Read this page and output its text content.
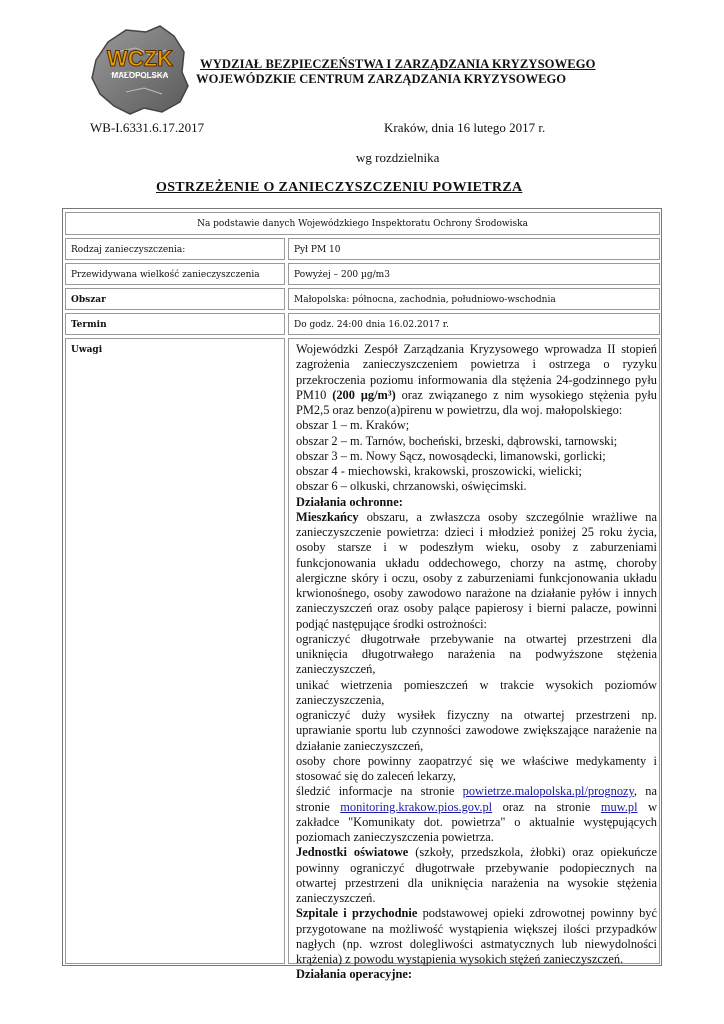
WCZK
MAŁOPOLSKA
WYDZIAŁ BEZPIECZEŃSTWA I ZARZĄDZANIA KRYZYSOWEGO
WOJEWÓDZKIE CENTRUM ZARZĄDZANIA KRYZYSOWEGO
WB-I.6331.6.17.2017	Kraków, dnia 16 lutego 2017 r.
wg rozdzielnika
OSTRZEŻENIE O ZANIECZYSZCZENIU POWIETRZA
Na podstawie danych Wojewódzkiego Inspektoratu Ochrony Środowiska
Rodzaj zanieczyszczenia:	Pył PM 10
Przewidywana wielkość zanieczyszczenia	Powyżej – 200 µg/m3
Obszar	Małopolska: północna, zachodnia, południowo-wschodnia
Termin	Do godz. 24:00 dnia 16.02.2017 r.
Uwagi	Wojewódzki Zespół Zarządzania Kryzysowego wprowadza II stopień zagrożenia zanieczyszczeniem powietrza i ostrzega o ryzyku przekroczenia poziomu informowania dla stężenia 24-godzinnego pyłu PM10 (200 µg/m³) oraz związanego z nim wysokiego stężenia pyłu PM2,5 oraz benzo(a)pirenu w powietrzu, dla woj. małopolskiego:

obszar 1 – m. Kraków;

obszar 2 – m. Tarnów, bocheński, brzeski, dąbrowski, tarnowski;

obszar 3 – m. Nowy Sącz, nowosądecki, limanowski, gorlicki;

obszar 4 - miechowski, krakowski, proszowicki, wielicki;

obszar 6 – olkuski, chrzanowski, oświęcimski.

Działania ochronne:

Mieszkańcy obszaru, a zwłaszcza osoby szczególnie wrażliwe na zanieczyszczenie powietrza: dzieci i młodzież poniżej 25 roku życia, osoby starsze i w podeszłym wieku, osoby z zaburzeniami funkcjonowania układu oddechowego, chorzy na astmę, choroby alergiczne skóry i oczu, osoby z zaburzeniami funkcjonowania układu krwionośnego, osoby zawodowo narażone na działanie pyłów i innych zanieczyszczeń oraz osoby palące papierosy i bierni palacze, powinni podjąć następujące środki ostrożności:

ograniczyć długotrwałe przebywanie na otwartej przestrzeni dla uniknięcia długotrwałego narażenia na podwyższone stężenia zanieczyszczeń,

unikać wietrzenia pomieszczeń w trakcie wysokich poziomów zanieczyszczenia,

ograniczyć duży wysiłek fizyczny na otwartej przestrzeni np. uprawianie sportu lub czynności zawodowe zwiększające narażenie na działanie zanieczyszczeń,

osoby chore powinny zaopatrzyć się we właściwe medykamenty i stosować się do zaleceń lekarzy,

śledzić informacje na stronie powietrze.malopolska.pl/prognozy, na stronie monitoring.krakow.pios.gov.pl oraz na stronie muw.pl w zakładce "Komunikaty dot. powietrza" o aktualnie występujących poziomach zanieczyszczenia powietrza.

Jednostki oświatowe (szkoły, przedszkola, żłobki) oraz opiekuńcze powinny ograniczyć długotrwałe przebywanie podopiecznych na otwartej przestrzeni dla uniknięcia narażenia na wysokie stężenia zanieczyszczeń.

Szpitale i przychodnie podstawowej opieki zdrowotnej powinny być przygotowane na możliwość wystąpienia większej ilości przypadków nagłych (np. wzrost dolegliwości astmatycznych lub niewydolności krążenia) z powodu wystąpienia wysokich stężeń zanieczyszczeń.

Działania operacyjne:
